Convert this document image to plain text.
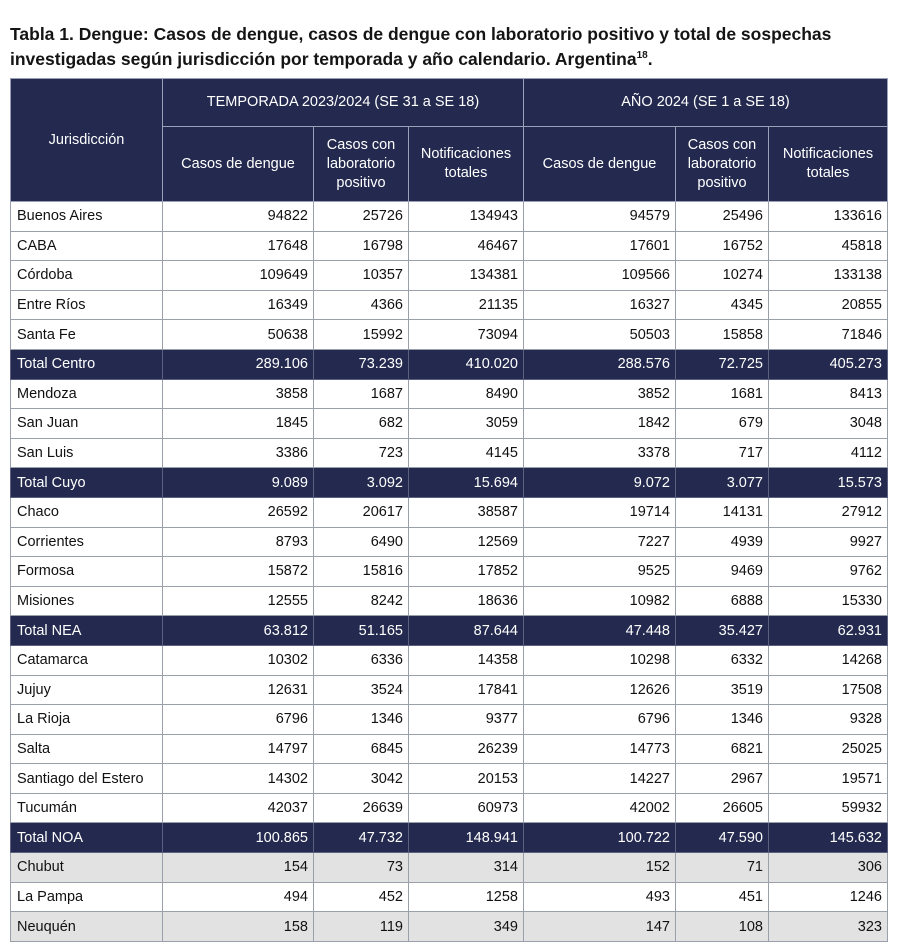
Tabla 1. Dengue: Casos de dengue, casos de dengue con laboratorio positivo y total de sospechas investigadas según jurisdicción por temporada y año calendario. Argentina$^{18}$.
Jurisdicción	TEMPORADA 2023/2024 (SE 31 a SE 18)			AÑO 2024 (SE 1 a SE 18)		
	Casos de dengue	Casos con laboratorio positivo	Notificaciones totales	Casos de dengue	Casos con laboratorio positivo	Notificaciones totales
Buenos Aires	94822	25726	134943	94579	25496	133616
CABA	17648	16798	46467	17601	16752	45818
Córdoba	109649	10357	134381	109566	10274	133138
Entre Ríos	16349	4366	21135	16327	4345	20855
Santa Fe	50638	15992	73094	50503	15858	71846
Total Centro	289.106	73.239	410.020	288.576	72.725	405.273
Mendoza	3858	1687	8490	3852	1681	8413
San Juan	1845	682	3059	1842	679	3048
San Luis	3386	723	4145	3378	717	4112
Total Cuyo	9.089	3.092	15.694	9.072	3.077	15.573
Chaco	26592	20617	38587	19714	14131	27912
Corrientes	8793	6490	12569	7227	4939	9927
Formosa	15872	15816	17852	9525	9469	9762
Misiones	12555	8242	18636	10982	6888	15330
Total NEA	63.812	51.165	87.644	47.448	35.427	62.931
Catamarca	10302	6336	14358	10298	6332	14268
Jujuy	12631	3524	17841	12626	3519	17508
La Rioja	6796	1346	9377	6796	1346	9328
Salta	14797	6845	26239	14773	6821	25025
Santiago del Estero	14302	3042	20153	14227	2967	19571
Tucumán	42037	26639	60973	42002	26605	59932
Total NOA	100.865	47.732	148.941	100.722	47.590	145.632
Chubut	154	73	314	152	71	306
La Pampa	494	452	1258	493	451	1246
Neuquén	158	119	349	147	108	323
